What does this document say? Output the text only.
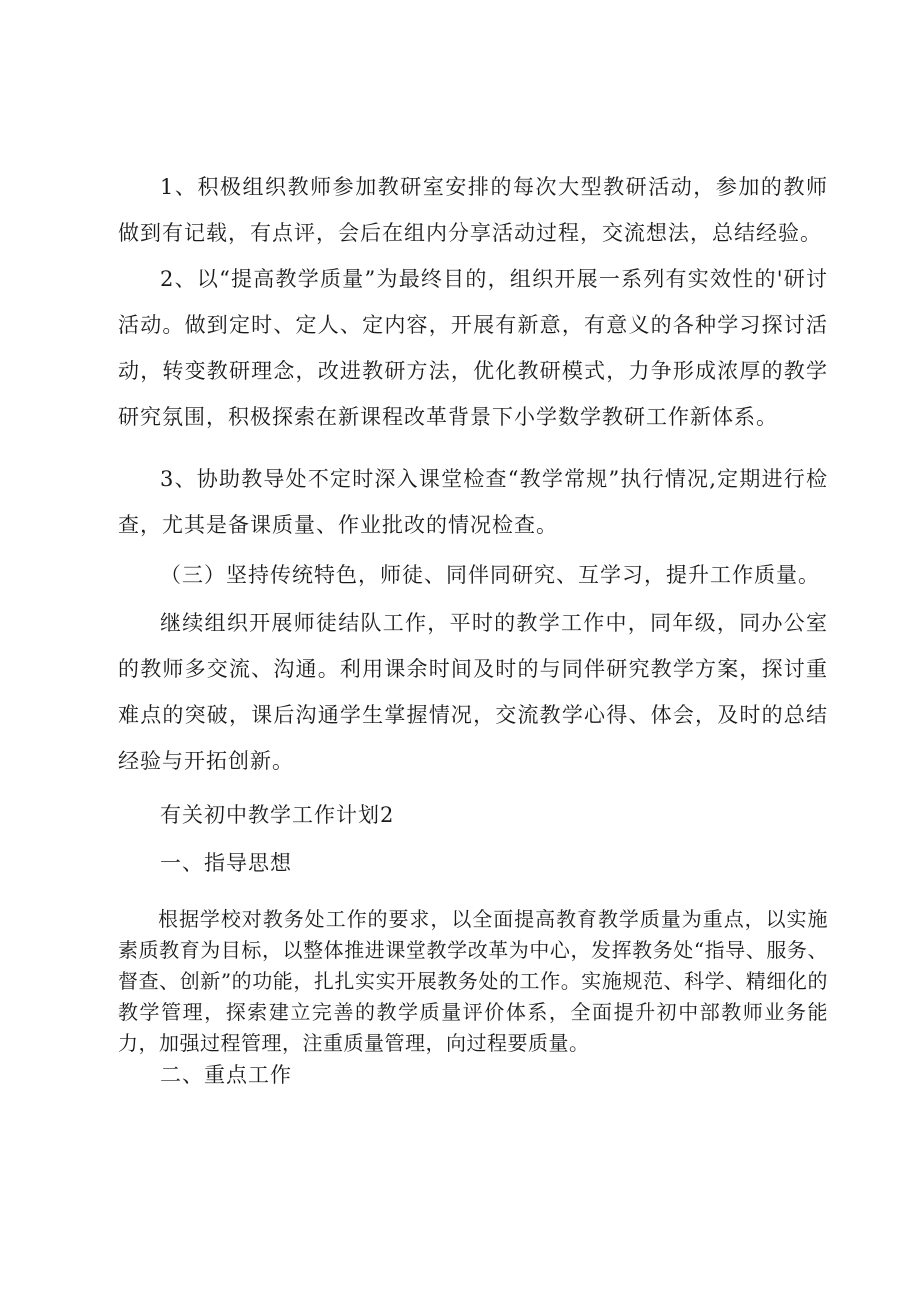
1、积极组织教师参加教研室安排的每次大型教研活动，参加的教师做到有记载，有点评，会后在组内分享活动过程，交流想法，总结经验。

2、以“提高教学质量”为最终目的，组织开展一系列有实效性的'研讨活动。做到定时、定人、定内容，开展有新意，有意义的各种学习探讨活动，转变教研理念，改进教研方法，优化教研模式，力争形成浓厚的教学研究氛围，积极探索在新课程改革背景下小学数学教研工作新体系。

3、协助教导处不定时深入课堂检查“教学常规”执行情况,定期进行检查，尤其是备课质量、作业批改的情况检查。

（三）坚持传统特色，师徒、同伴同研究、互学习，提升工作质量。

继续组织开展师徒结队工作，平时的教学工作中，同年级，同办公室的教师多交流、沟通。利用课余时间及时的与同伴研究教学方案，探讨重难点的突破，课后沟通学生掌握情况，交流教学心得、体会，及时的总结经验与开拓创新。

有关初中教学工作计划2

一、指导思想

根据学校对教务处工作的要求，以全面提高教育教学质量为重点，以实施素质教育为目标，以整体推进课堂教学改革为中心，发挥教务处“指导、服务、督查、创新”的功能，扎扎实实开展教务处的工作。实施规范、科学、精细化的教学管理，探索建立完善的教学质量评价体系，全面提升初中部教师业务能力，加强过程管理，注重质量管理，向过程要质量。

二、重点工作
